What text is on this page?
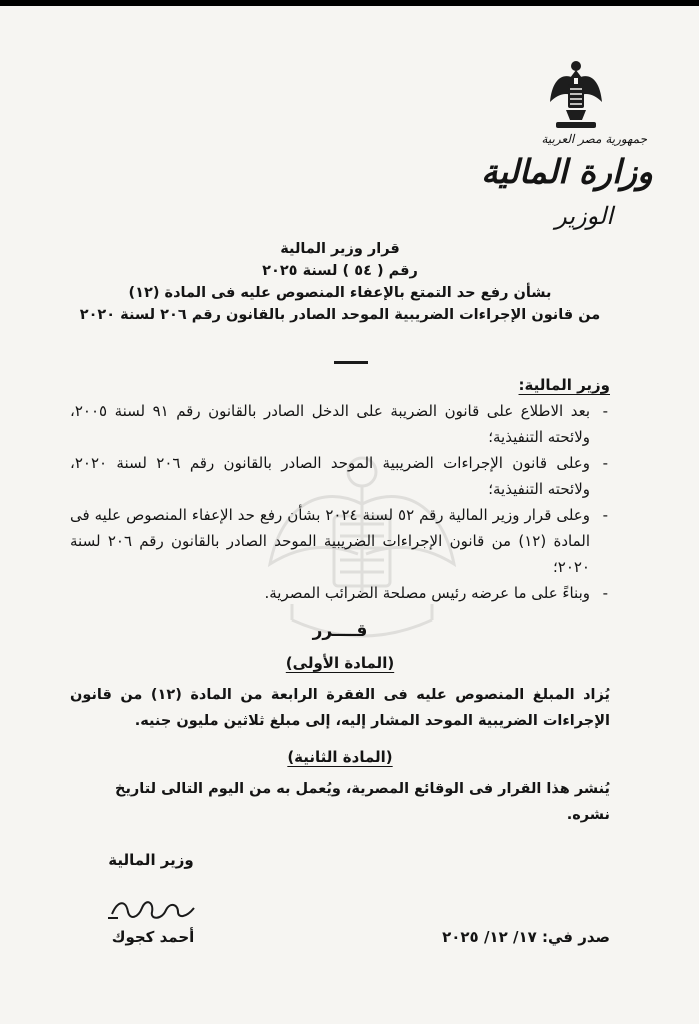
جمهورية مصر العربية
وزارة المالية
الوزير
قرار وزير المالية
رقم ( ٥٤ ) لسنة ٢٠٢٥
بشأن رفع حد التمتع بالإعفاء المنصوص عليه فى المادة (١٢)
من قانون الإجراءات الضريبية الموحد الصادر بالقانون رقم ٢٠٦ لسنة ٢٠٢٠
وزير المالية:
- بعد الاطلاع على قانون الضريبة على الدخل الصادر بالقانون رقم ٩١ لسنة ٢٠٠٥، ولائحته التنفيذية؛
- وعلى قانون الإجراءات الضريبية الموحد الصادر بالقانون رقم ٢٠٦ لسنة ٢٠٢٠، ولائحته التنفيذية؛
- وعلى قرار وزير المالية رقم ٥٢ لسنة ٢٠٢٤ بشأن رفع حد الإعفاء المنصوص عليه فى المادة (١٢) من قانون الإجراءات الضريبية الموحد الصادر بالقانون رقم ٢٠٦ لسنة ٢٠٢٠؛
- وبناءً على ما عرضه رئيس مصلحة الضرائب المصرية.
قــــرر
(المادة الأولى)
يُزاد المبلغ المنصوص عليه فى الفقرة الرابعة من المادة (١٢) من قانون الإجراءات الضريبية الموحد المشار إليه، إلى مبلغ ثلاثين مليون جنيه.
(المادة الثانية)
يُنشر هذا القرار فى الوقائع المصرية، ويُعمل به من اليوم التالى لتاريخ نشره.
وزير المالية
أحمد كجوك	صدر في: ١٧/ ١٢/ ٢٠٢٥
